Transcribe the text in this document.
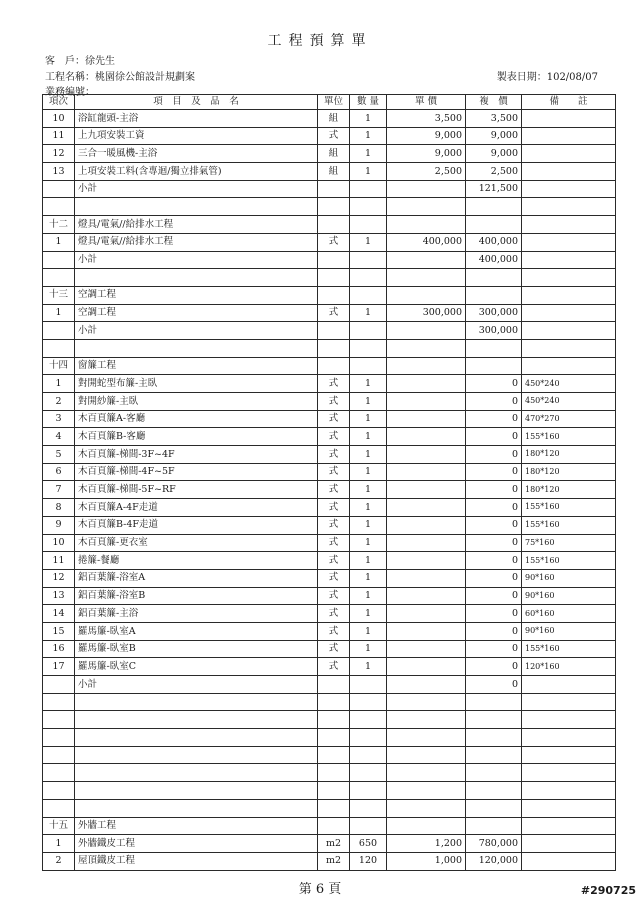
工程預算單
客　戶：徐先生
工程名稱：桃園徐公館設計規劃案	製表日期：102/08/07
業務編號：
項次	項　目　及　品　名	單位	數 量	單 價	複　價	備　　註
10	浴缸龍頭-主浴	組	1	3,500	3,500	
11	上九項安裝工資	式	1	9,000	9,000	
12	三合一暖風機-主浴	組	1	9,000	9,000	
13	上項安裝工料(含專迴/獨立排氣管)	組	1	2,500	2,500	
	小計				121,500	

十二	燈具/電氣//給排水工程					
1	燈具/電氣//給排水工程	式	1	400,000	400,000	
	小計				400,000	

十三	空調工程					
1	空調工程	式	1	300,000	300,000	
	小計				300,000	

十四	窗簾工程					
1	對開蛇型布簾-主臥	式	1		0	450*240
2	對開紗簾-主臥	式	1		0	450*240
3	木百頁簾A-客廳	式	1		0	470*270
4	木百頁簾B-客廳	式	1		0	155*160
5	木百頁簾-梯間-3F~4F	式	1		0	180*120
6	木百頁簾-梯間-4F~5F	式	1		0	180*120
7	木百頁簾-梯間-5F~RF	式	1		0	180*120
8	木百頁簾A-4F走道	式	1		0	155*160
9	木百頁簾B-4F走道	式	1		0	155*160
10	木百頁簾-更衣室	式	1		0	75*160
11	捲簾-餐廳	式	1		0	155*160
12	鋁百葉簾-浴室A	式	1		0	90*160
13	鋁百葉簾-浴室B	式	1		0	90*160
14	鋁百葉簾-主浴	式	1		0	60*160
15	羅馬簾-臥室A	式	1		0	90*160
16	羅馬簾-臥室B	式	1		0	155*160
17	羅馬簾-臥室C	式	1		0	120*160
	小計				0	

十五	外牆工程					
1	外牆鐵皮工程	m2	650	1,200	780,000	
2	屋頂鐵皮工程	m2	120	1,000	120,000	
第 6 頁	#290725
